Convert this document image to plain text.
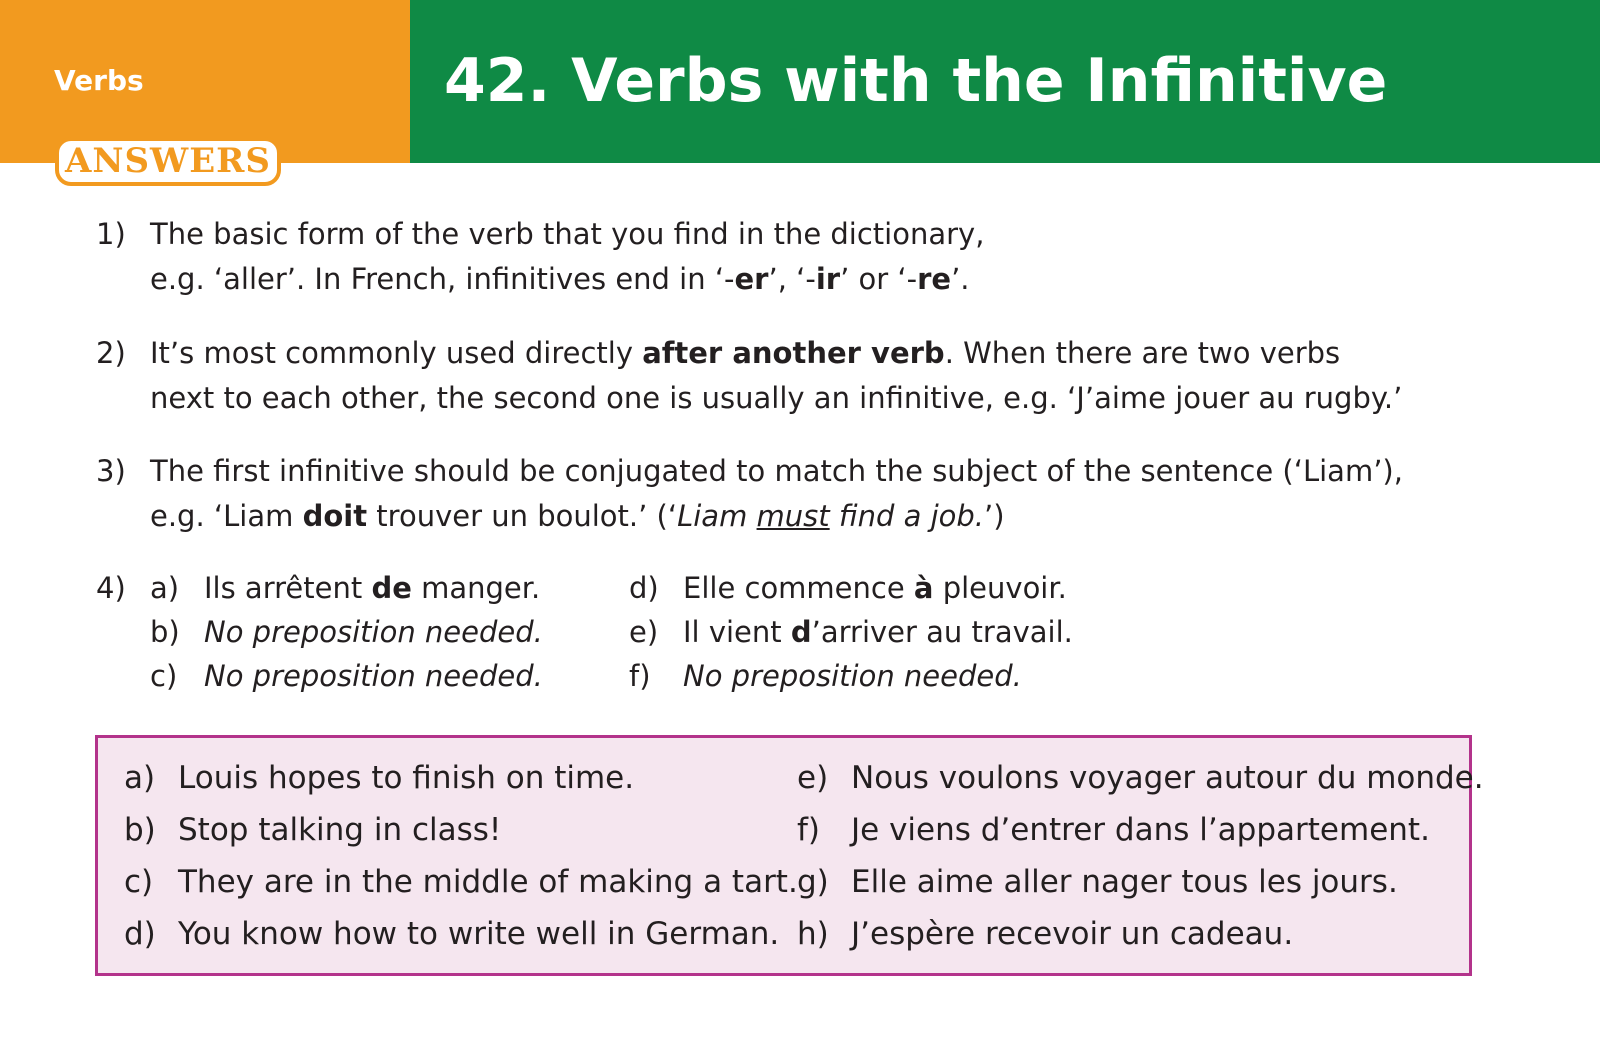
Verbs	42. Verbs with the Infinitive
ANSWERS
1) The basic form of the verb that you find in the dictionary,
e.g. ‘aller’. In French, infinitives end in ‘-er’, ‘-ir’ or ‘-re’.
2) It’s most commonly used directly after another verb. When there are two verbs
next to each other, the second one is usually an infinitive, e.g. ‘J’aime jouer au rugby.’
3) The first infinitive should be conjugated to match the subject of the sentence (‘Liam’),
e.g. ‘Liam doit trouver un boulot.’ (‘Liam must find a job.’)
4) a) Ils arrêtent de manger.
b) No preposition needed.
c) No preposition needed.
d) Elle commence à pleuvoir.
e) Il vient d’arriver au travail.
f) No preposition needed.
a) Louis hopes to finish on time.
b) Stop talking in class!
c) They are in the middle of making a tart.
d) You know how to write well in German.
e) Nous voulons voyager autour du monde.
f) Je viens d’entrer dans l’appartement.
g) Elle aime aller nager tous les jours.
h) J’espère recevoir un cadeau.
